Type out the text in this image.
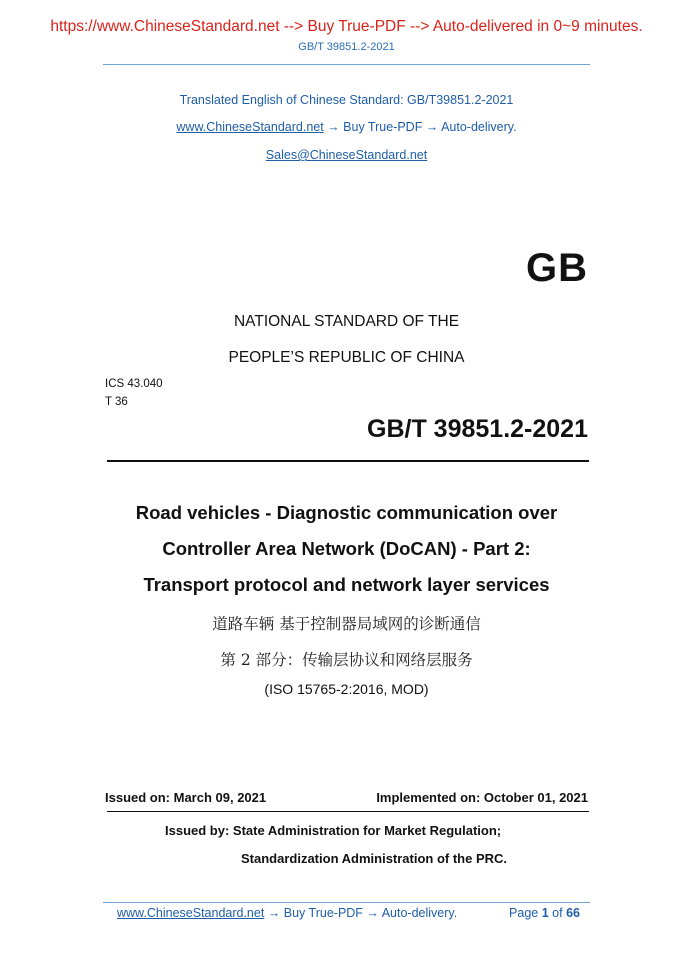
https://www.ChineseStandard.net --> Buy True-PDF --> Auto-delivered in 0~9 minutes.
GB/T 39851.2-2021
Translated English of Chinese Standard: GB/T39851.2-2021
www.ChineseStandard.net → Buy True-PDF → Auto-delivery.
Sales@ChineseStandard.net
GB
NATIONAL STANDARD OF THE
PEOPLE’S REPUBLIC OF CHINA
ICS 43.040
T 36
GB/T 39851.2-2021
Road vehicles - Diagnostic communication over
Controller Area Network (DoCAN) - Part 2:
Transport protocol and network layer services
道路车辆 基于控制器局域网的诊断通信
第 2 部分：传输层协议和网络层服务
(ISO 15765-2:2016, MOD)
Issued on: March 09, 2021	Implemented on: October 01, 2021
Issued by: State Administration for Market Regulation;
Standardization Administration of the PRC.
www.ChineseStandard.net → Buy True-PDF → Auto-delivery.	Page 1 of 66
